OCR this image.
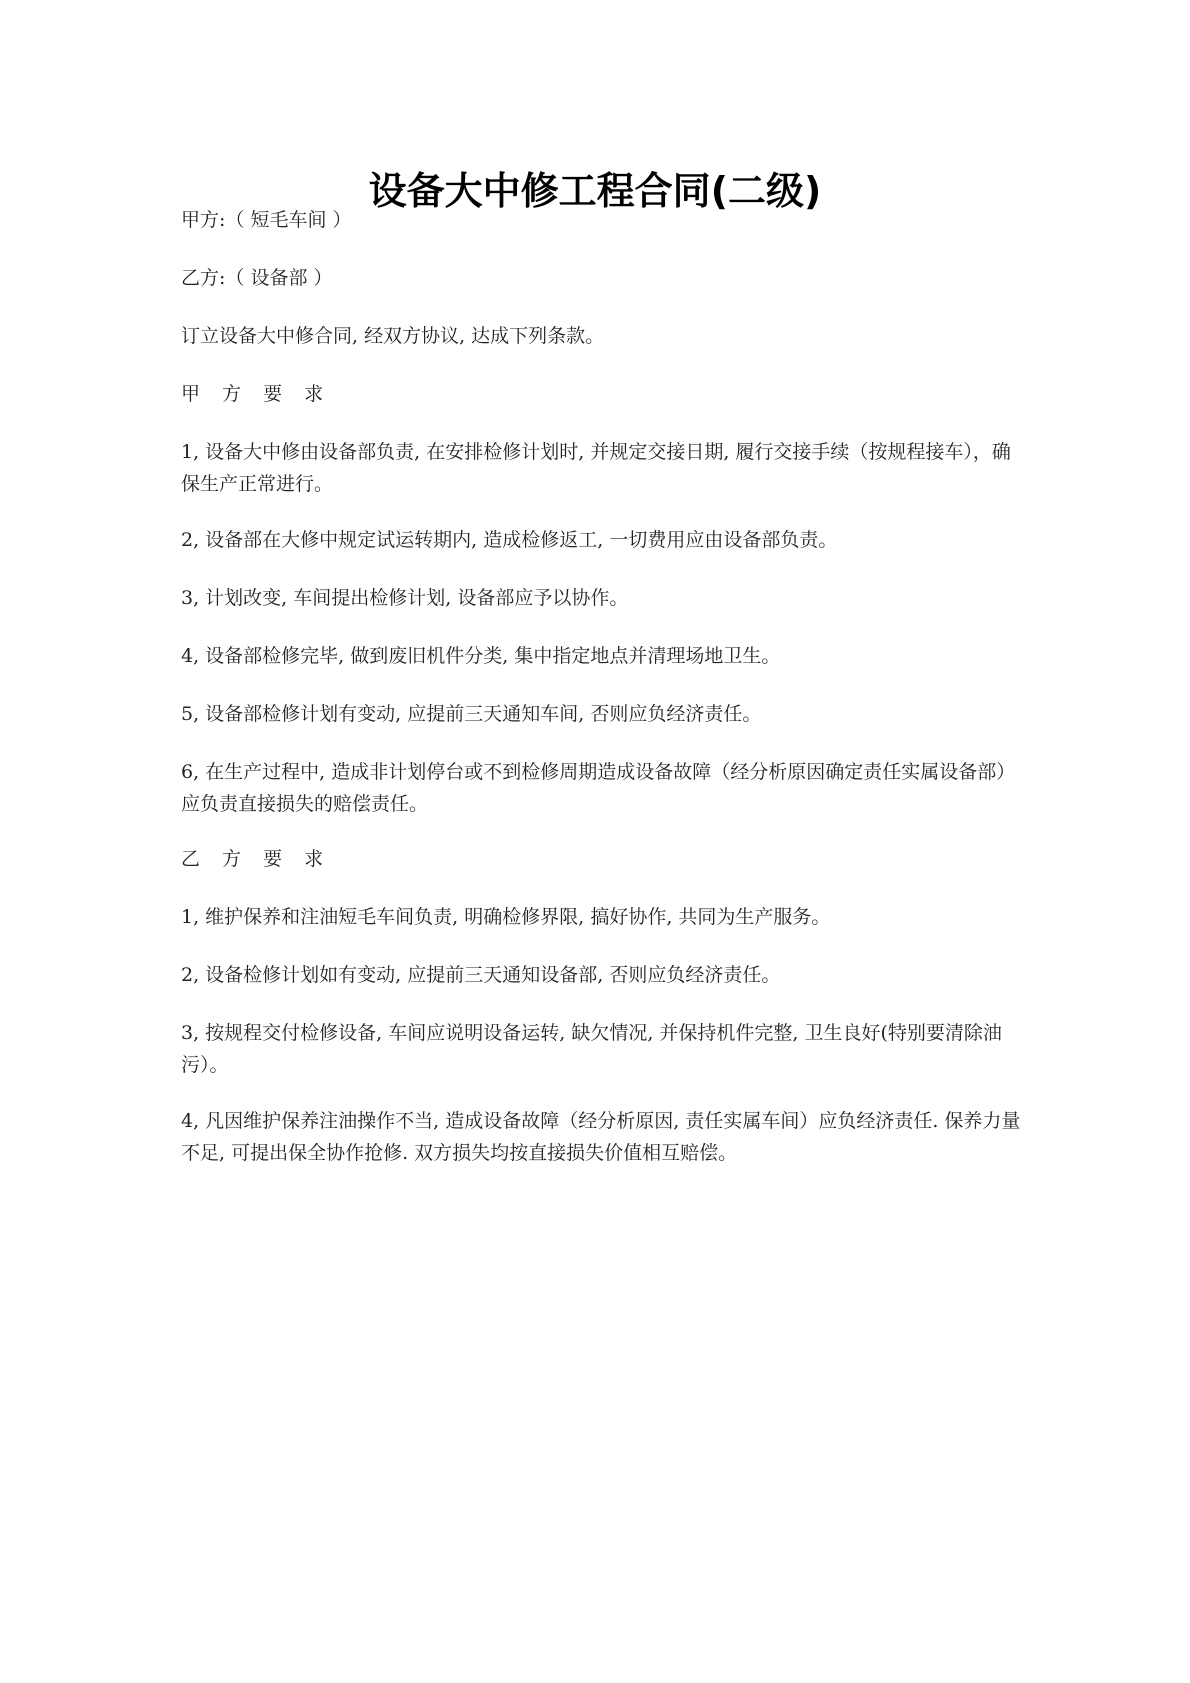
设备大中修工程合同(二级)
甲方:（ 短毛车间 ）
乙方:（ 设备部 ）
订立设备大中修合同, 经双方协议, 达成下列条款。
甲 方 要 求
1, 设备大中修由设备部负责, 在安排检修计划时, 并规定交接日期, 履行交接手续（按规程接车），确保生产正常进行。
2, 设备部在大修中规定试运转期内, 造成检修返工, 一切费用应由设备部负责。
3, 计划改变, 车间提出检修计划, 设备部应予以协作。
4, 设备部检修完毕, 做到废旧机件分类, 集中指定地点并清理场地卫生。
5, 设备部检修计划有变动, 应提前三天通知车间, 否则应负经济责任。
6, 在生产过程中, 造成非计划停台或不到检修周期造成设备故障（经分析原因确定责任实属设备部）应负责直接损失的赔偿责任。
乙 方 要 求
1, 维护保养和注油短毛车间负责, 明确检修界限, 搞好协作, 共同为生产服务。
2, 设备检修计划如有变动, 应提前三天通知设备部, 否则应负经济责任。
3, 按规程交付检修设备, 车间应说明设备运转, 缺欠情况, 并保持机件完整, 卫生良好(特别要清除油污）。
4, 凡因维护保养注油操作不当, 造成设备故障（经分析原因, 责任实属车间）应负经济责任. 保养力量不足, 可提出保全协作抢修. 双方损失均按直接损失价值相互赔偿。
